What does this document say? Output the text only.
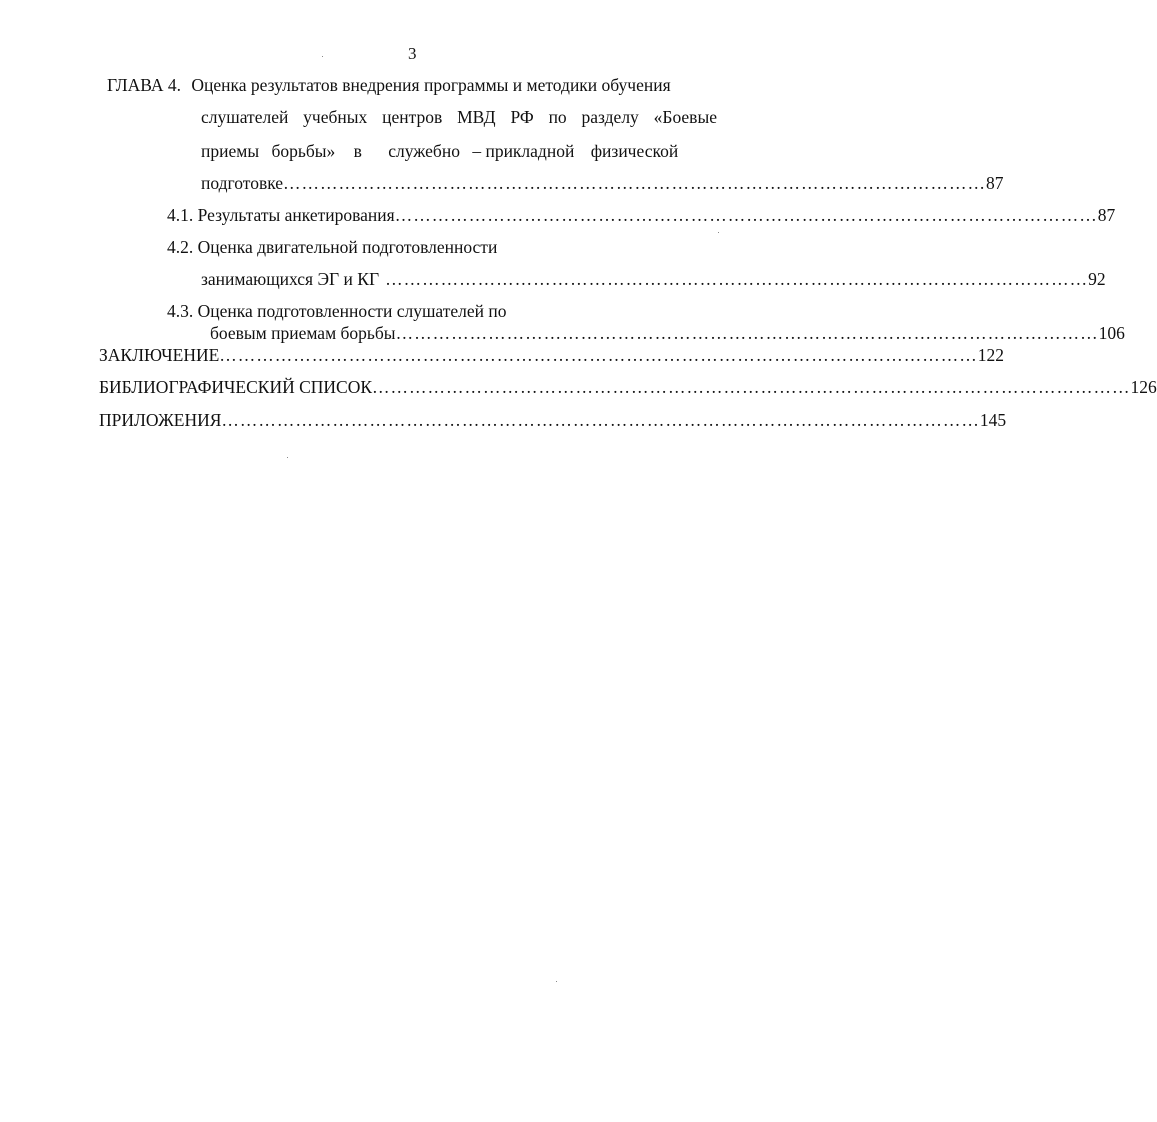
3
ГЛАВА 4. Оценка результатов внедрения программы и методики обучения
слушателей учебных центров МВД РФ по разделу «Боевые
приемы борьбы» в служебно – прикладной физической
подготовке …………………………………………………………………………………………………… 87
4.1. Результаты анкетирования …………………………………………………………………………………………………… 87
4.2. Оценка двигательной подготовленности
занимающихся ЭГ и КГ …………………………………………………………………………………………………… 92
4.3. Оценка подготовленности слушателей по
боевым приемам борьбы …………………………………………………………………………………………………… 106
ЗАКЛЮЧЕНИЕ …………………………………………………………………………………………………………… 122
БИБЛИОГРАФИЧЕСКИЙ СПИСОК …………………………………………………………………………………………………………… 126
ПРИЛОЖЕНИЯ …………………………………………………………………………………………………………… 145
